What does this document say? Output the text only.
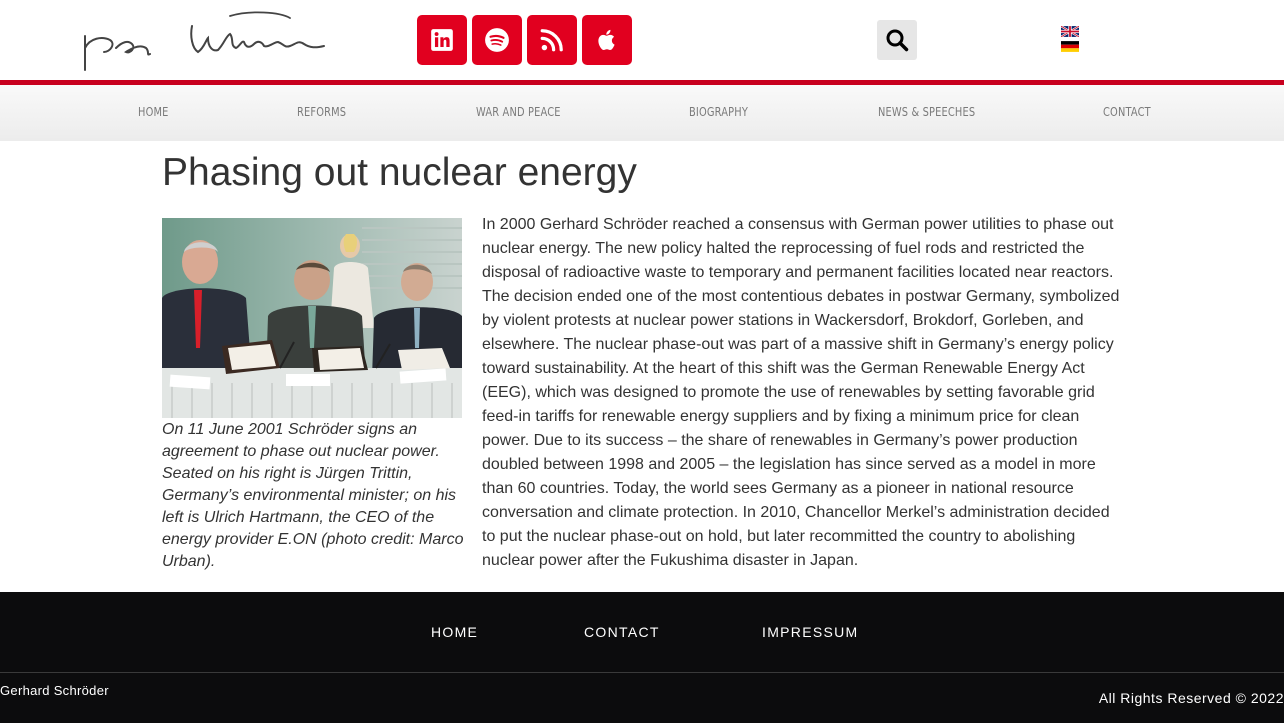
HOME	REFORMS	WAR AND PEACE	BIOGRAPHY	NEWS & SPEECHES	CONTACT
Phasing out nuclear energy

On 11 June 2001 Schröder signs an agreement to phase out nuclear power. Seated on his right is Jürgen Trittin, Germany’s environmental minister; on his left is Ulrich Hartmann, the CEO of the energy provider E.ON (photo credit: Marco Urban).

In 2000 Gerhard Schröder reached a consensus with German power utilities to phase out nuclear energy. The new policy halted the reprocessing of fuel rods and restricted the disposal of radioactive waste to temporary and permanent facilities located near reactors. The decision ended one of the most contentious debates in postwar Germany, symbolized by violent protests at nuclear power stations in Wackersdorf, Brokdorf, Gorleben, and elsewhere. The nuclear phase-out was part of a massive shift in Germany’s energy policy toward sustainability. At the heart of this shift was the German Renewable Energy Act (EEG), which was designed to promote the use of renewables by setting favorable grid feed-in tariffs for renewable energy suppliers and by fixing a minimum price for clean power. Due to its success – the share of renewables in Germany’s power production doubled between 1998 and 2005 – the legislation has since served as a model in more than 60 countries. Today, the world sees Germany as a pioneer in national resource conversation and climate protection. In 2010, Chancellor Merkel’s administration decided to put the nuclear phase-out on hold, but later recommitted the country to abolishing nuclear power after the Fukushima disaster in Japan.

HOME	CONTACT	IMPRESSUM
Gerhard Schröder	All Rights Reserved © 2022
